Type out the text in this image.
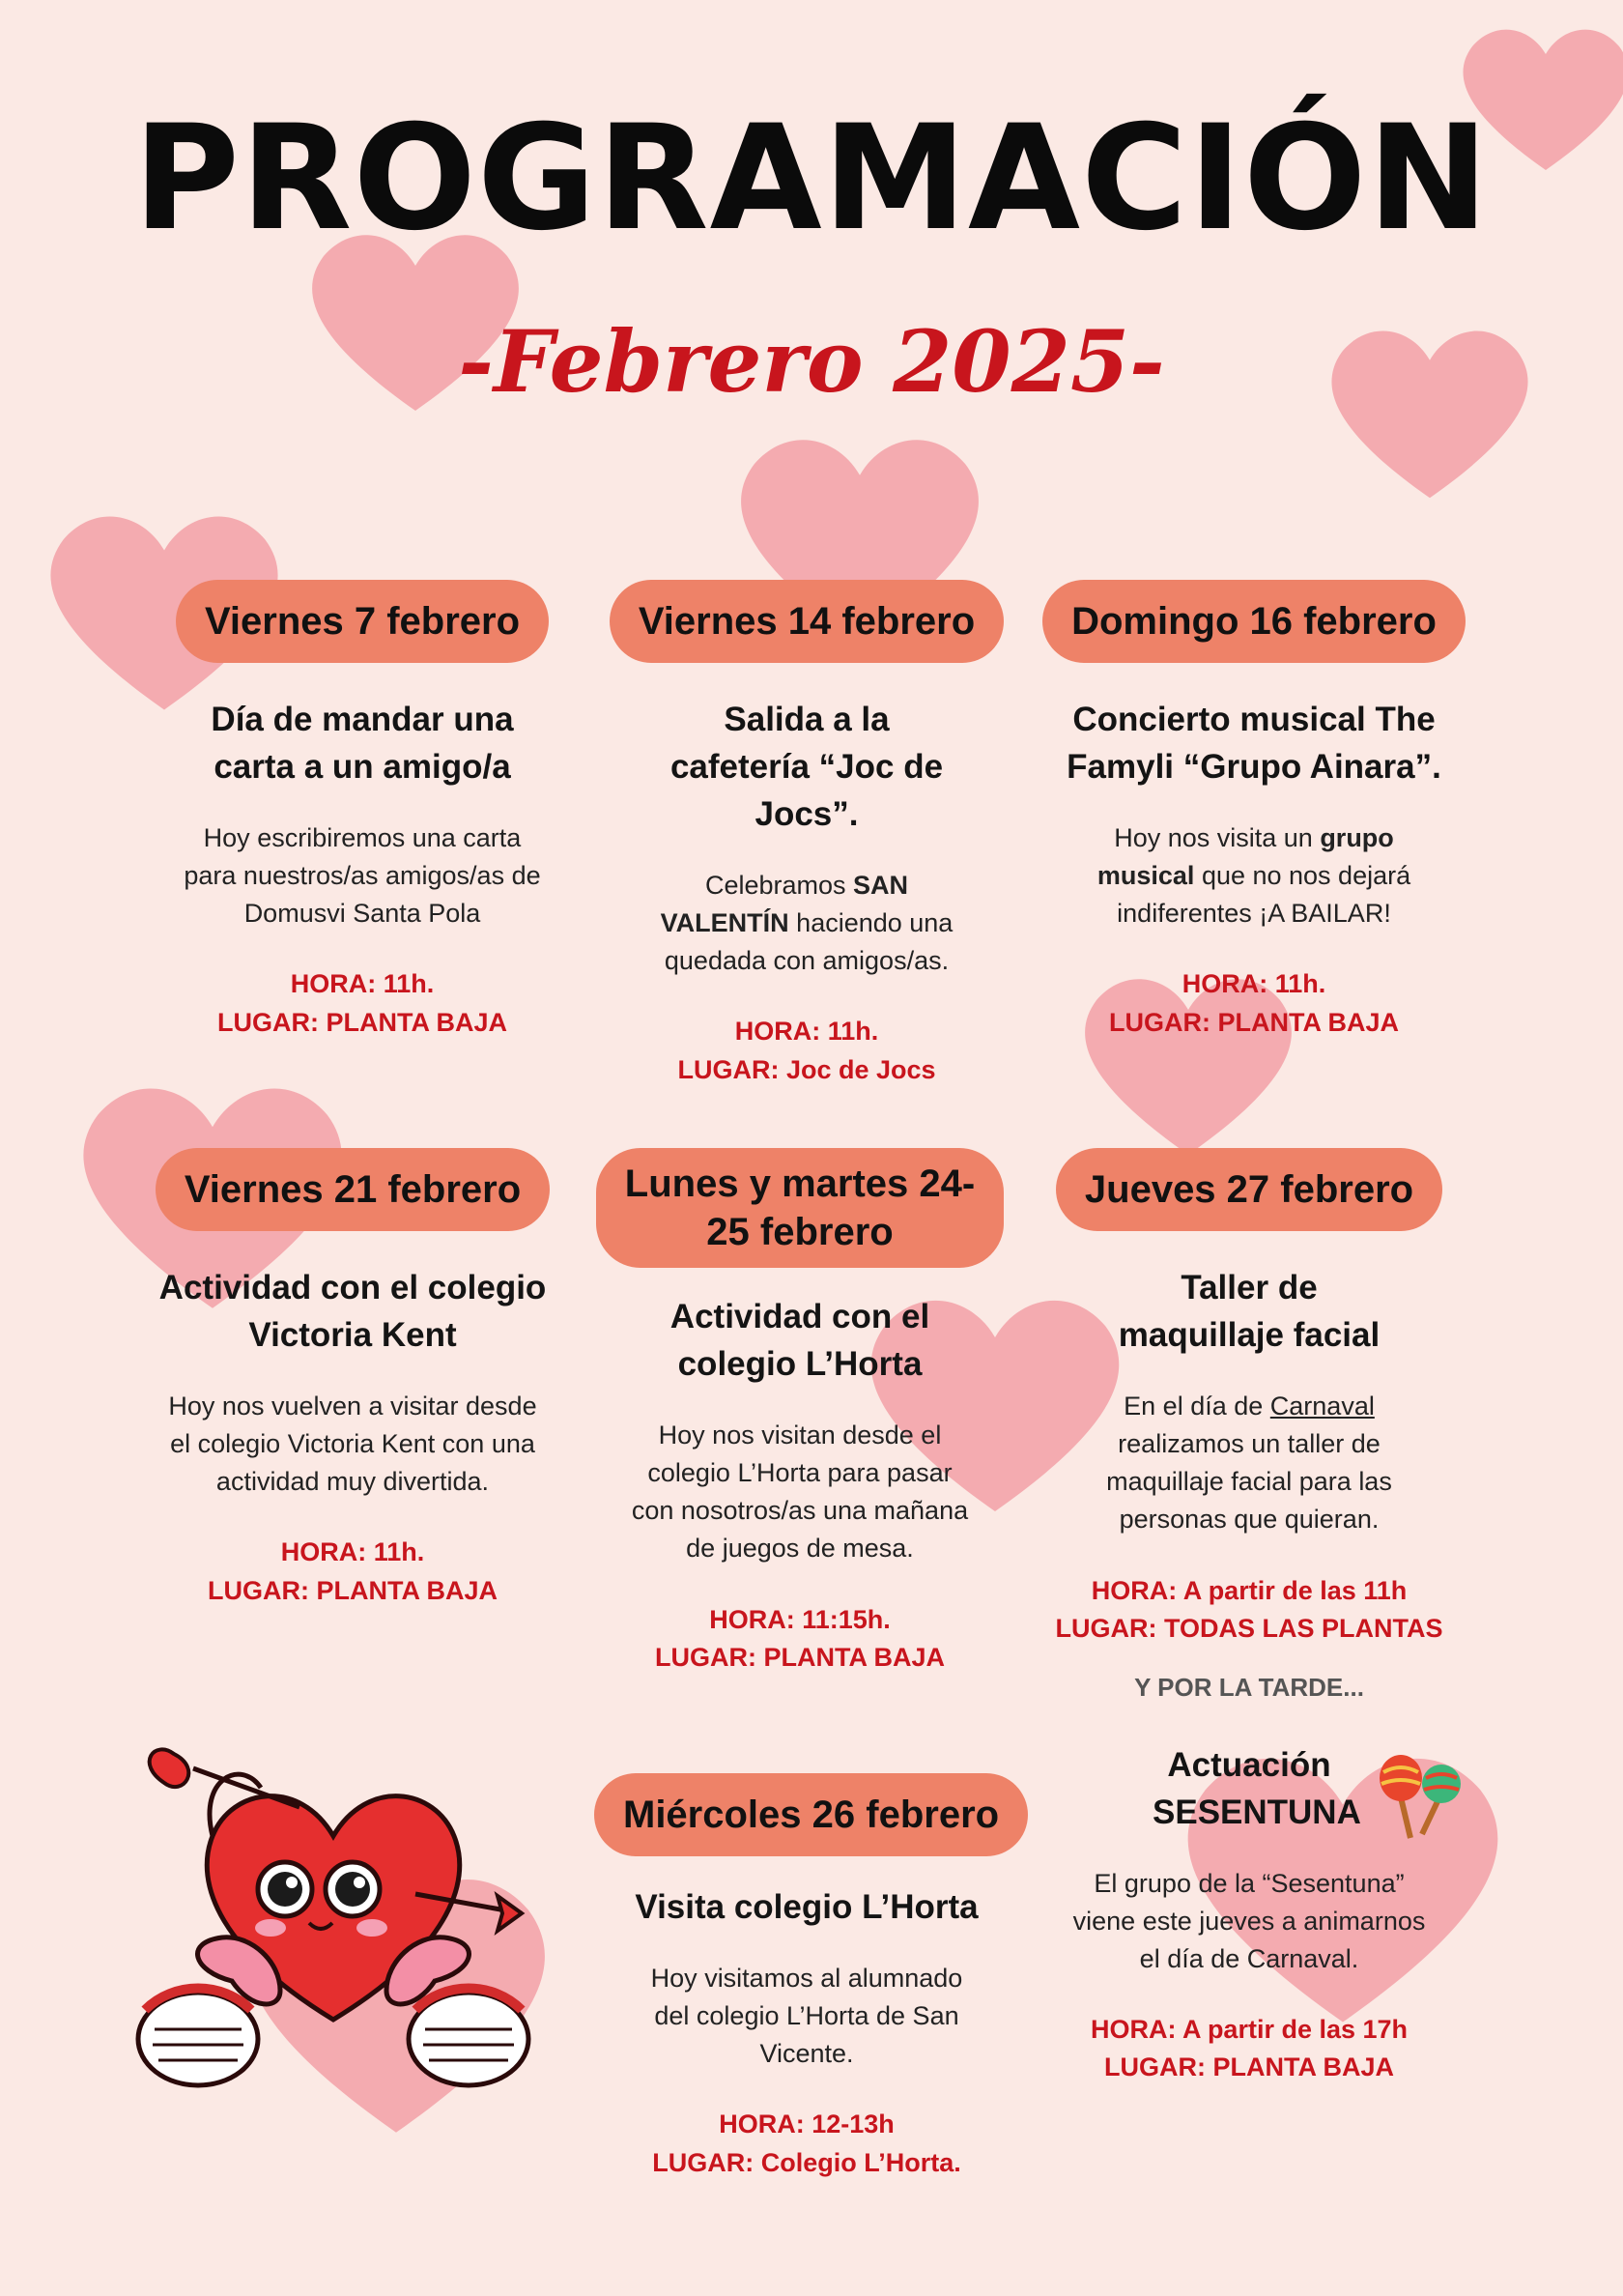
PROGRAMACIÓN
-Febrero 2025-
Viernes 7 febrero
Día de mandar una carta a un amigo/a
Hoy escribiremos una carta para nuestros/as amigos/as de Domusvi Santa Pola
HORA: 11h.
LUGAR: PLANTA BAJA
Viernes 14 febrero
Salida a la cafetería “Joc de Jocs”.
Celebramos SAN VALENTÍN haciendo una quedada con amigos/as.
HORA: 11h.
LUGAR: Joc de Jocs
Domingo 16 febrero
Concierto musical The Famyli “Grupo Ainara”.
Hoy nos visita un grupo musical que no nos dejará indiferentes ¡A BAILAR!
HORA: 11h.
LUGAR: PLANTA BAJA
Viernes 21 febrero
Actividad con el colegio Victoria Kent
Hoy nos vuelven a visitar desde el colegio Victoria Kent con una actividad muy divertida.
HORA: 11h.
LUGAR: PLANTA BAJA
Lunes y martes 24-25 febrero
Actividad con el colegio L’Horta
Hoy nos visitan desde el colegio L’Horta para pasar con nosotros/as una mañana de juegos de mesa.
HORA: 11:15h.
LUGAR: PLANTA BAJA
Jueves 27 febrero
Taller de maquillaje facial
En el día de Carnaval realizamos un taller de maquillaje facial para las personas que quieran.
HORA: A partir de las 11h
LUGAR: TODAS LAS PLANTAS
Y POR LA TARDE...
Actuación SESENTUNA
El grupo de la “Sesentuna” viene este jueves a animarnos el día de Carnaval.
HORA: A partir de las 17h
LUGAR: PLANTA BAJA
Miércoles 26 febrero
Visita colegio L’Horta
Hoy visitamos al alumnado del colegio L’Horta de San Vicente.
HORA: 12-13h
LUGAR: Colegio L’Horta.
